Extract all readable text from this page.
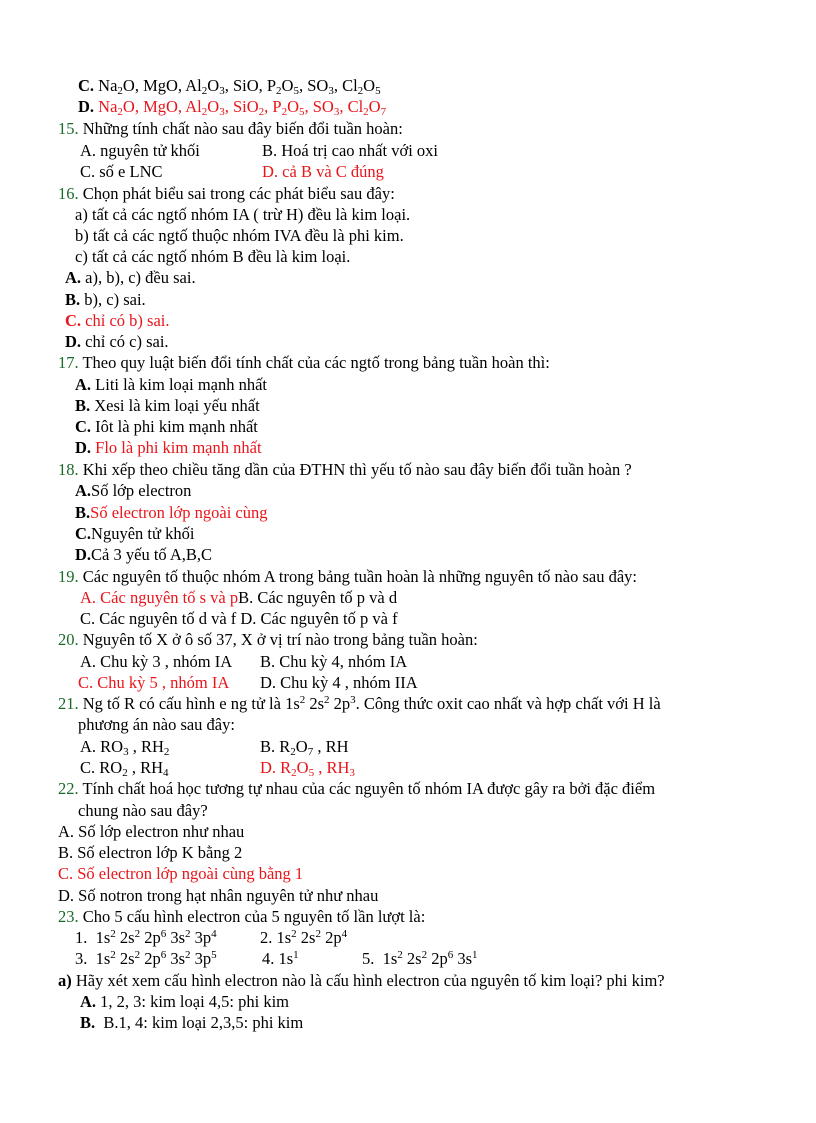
C. $Na_2O$, MgO, $Al_2O_3$, SiO, $P_2O_5$, $SO_3$, $Cl_2O_5$
D. $Na_2O$, MgO, $Al_2O_3$, SiO$_2$, $P_2O_5$, $SO_3$, $Cl_2O_7$
15. Những tính chất nào sau đây biến đổi tuần hoàn:
A. nguyên tử khối	B. Hoá trị cao nhất với oxi
C. số e LNC	D. cả B và C đúng
16. Chọn phát biểu sai trong các phát biểu sau đây:
a) tất cả các ngtố nhóm IA ( trừ H) đều là kim loại.
b) tất cả các ngtố thuộc nhóm IVA đều là phi kim.
c) tất cả các ngtố nhóm B đều là kim loại.
A. a), b), c) đều sai.
B. b), c) sai.
C. chỉ có b) sai.
D. chỉ có c) sai.
17. Theo quy luật biến đổi tính chất của các ngtố trong bảng tuần hoàn thì:
A. Liti là kim loại mạnh nhất
B. Xesi là kim loại yếu nhất
C. Iôt là phi kim mạnh nhất
D. Flo là phi kim mạnh nhất
18. Khi xếp theo chiều tăng dần của ĐTHN thì yếu tố nào sau đây biến đổi tuần hoàn ?
A.Số lớp electron
B.Số electron lớp ngoài cùng
C.Nguyên tử khối
D.Cả 3 yếu tố A,B,C
19. Các nguyên tố thuộc nhóm A trong bảng tuần hoàn là những nguyên tố nào sau đây:
A. Các nguyên tố s và pB. Các nguyên tố p và d
C. Các nguyên tố d và f D. Các nguyên tố p và f
20. Nguyên tố X ở ô số 37, X ở vị trí nào trong bảng tuần hoàn:
A. Chu kỳ 3 , nhóm IA B. Chu kỳ 4, nhóm IA
C. Chu kỳ 5 , nhóm IA D. Chu kỳ 4 , nhóm IIA
21. Ng tố R có cấu hình e ng tử là $1s^2$ $2s^2$ $2p^3$. Công thức oxit cao nhất và hợp chất với H là
phương án nào sau đây:
A. $RO_3$ , $RH_2$	B. $R_2O_7$ , RH
C. $RO_2$ , $RH_4$	D. $R_2O_5$ , $RH_3$
22. Tính chất hoá học tương tự nhau của các nguyên tố nhóm IA được gây ra bởi đặc điểm
chung nào sau đây?
A. Số lớp electron như nhau
B. Số electron lớp K bằng 2
C. Số electron lớp ngoài cùng bằng 1
D. Số notron trong hạt nhân nguyên tử như nhau
23. Cho 5 cấu hình electron của 5 nguyên tố lần lượt là:
1. $1s^2$ $2s^2$ $2p^6$ $3s^2$ $3p^4$	2. $1s^2$ $2s^2$ $2p^4$
3. $1s^2$ $2s^2$ $2p^6$ $3s^2$ $3p^5$	4. $1s^1$	5. $1s^2$ $2s^2$ $2p^6$ $3s^1$
a) Hãy xét xem cấu hình electron nào là cấu hình electron của nguyên tố kim loại? phi kim?
A. 1, 2, 3: kim loại 4,5: phi kim
B. B.1, 4: kim loại 2,3,5: phi kim
